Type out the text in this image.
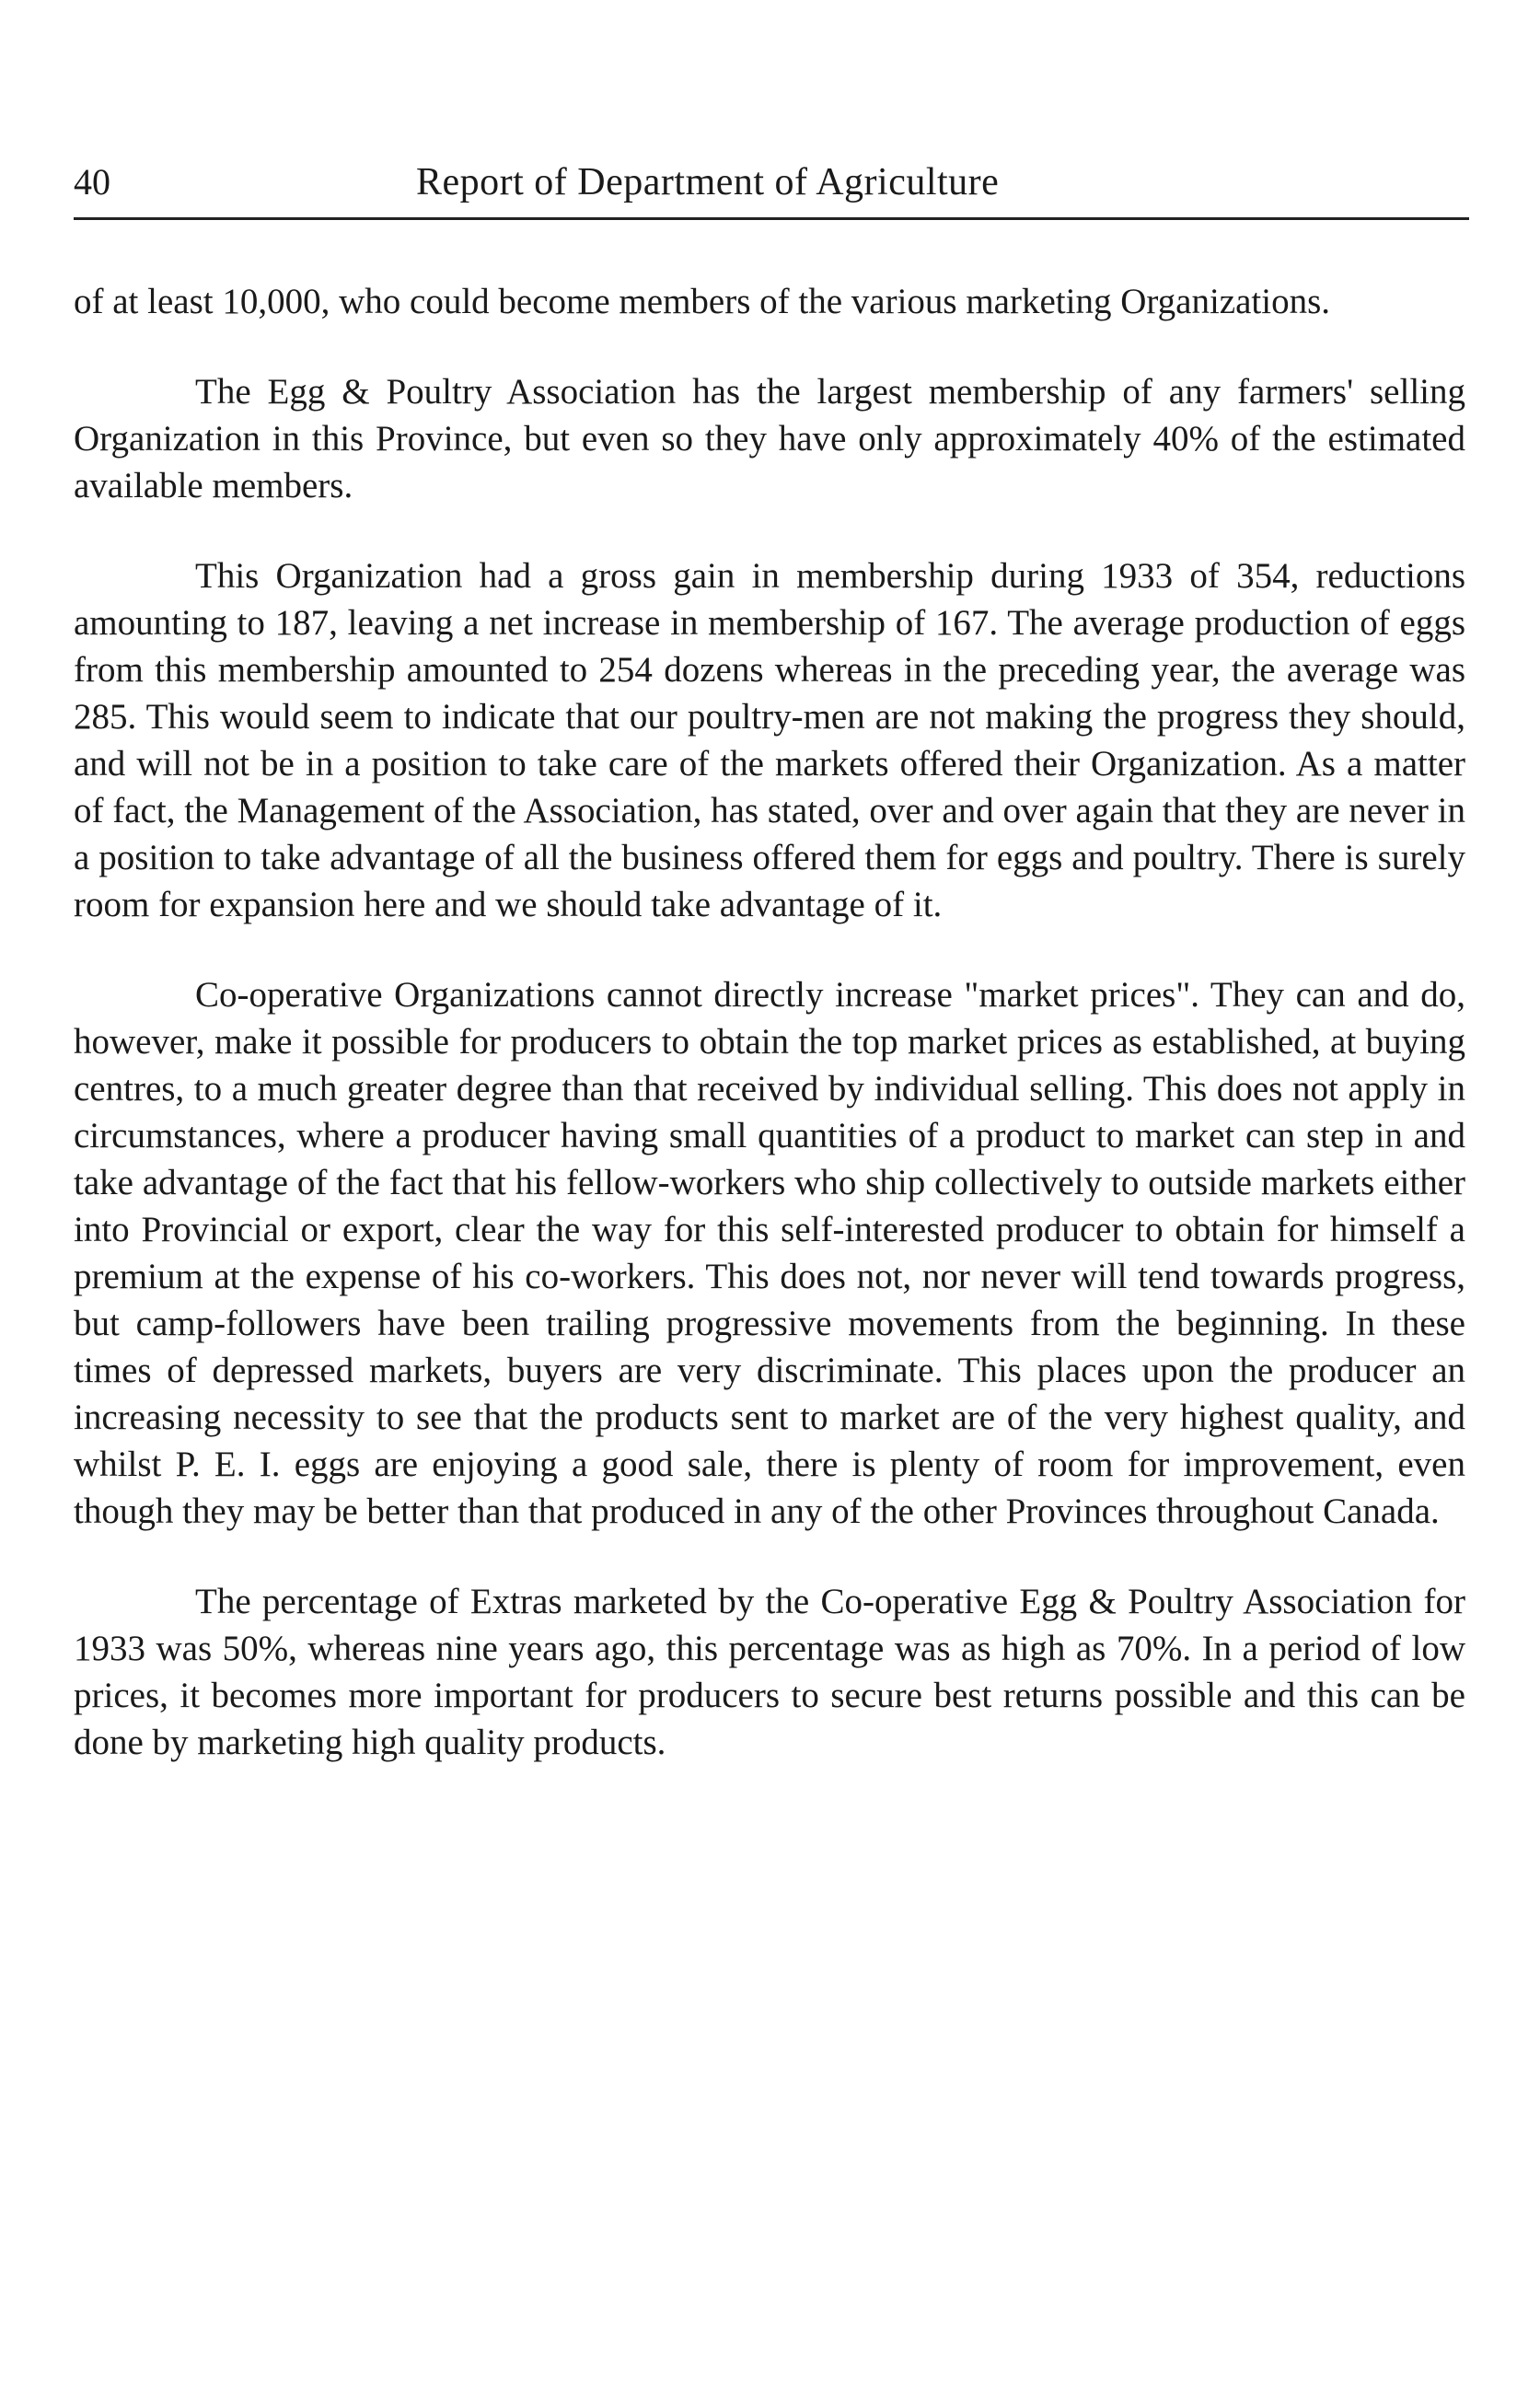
40	Report of Department of Agriculture

of at least 10,000, who could become members of the various marketing Organizations.

The Egg & Poultry Association has the largest membership of any farmers' selling Organization in this Province, but even so they have only approximately 40% of the estimated available members.

This Organization had a gross gain in membership during 1933 of 354, reductions amounting to 187, leaving a net increase in membership of 167. The average production of eggs from this membership amounted to 254 dozens whereas in the preceding year, the average was 285. This would seem to indicate that our poultry-men are not making the progress they should, and will not be in a position to take care of the markets offered their Organization. As a matter of fact, the Management of the Association, has stated, over and over again that they are never in a position to take advantage of all the business offered them for eggs and poultry. There is surely room for expansion here and we should take advantage of it.

Co-operative Organizations cannot directly increase "market prices". They can and do, however, make it possible for producers to obtain the top market prices as established, at buying centres, to a much greater degree than that received by individual selling. This does not apply in circumstances, where a producer having small quantities of a product to market can step in and take advantage of the fact that his fellow-workers who ship collectively to outside markets either into Provincial or export, clear the way for this self-interested producer to obtain for himself a premium at the expense of his co-workers. This does not, nor never will tend towards progress, but camp-followers have been trailing progressive movements from the beginning. In these times of depressed markets, buyers are very discriminate. This places upon the producer an increasing necessity to see that the products sent to market are of the very highest quality, and whilst P. E. I. eggs are enjoying a good sale, there is plenty of room for improvement, even though they may be better than that produced in any of the other Provinces throughout Canada.

The percentage of Extras marketed by the Co-operative Egg & Poultry Association for 1933 was 50%, whereas nine years ago, this percentage was as high as 70%. In a period of low prices, it becomes more important for producers to secure best returns possible and this can be done by marketing high quality products.
